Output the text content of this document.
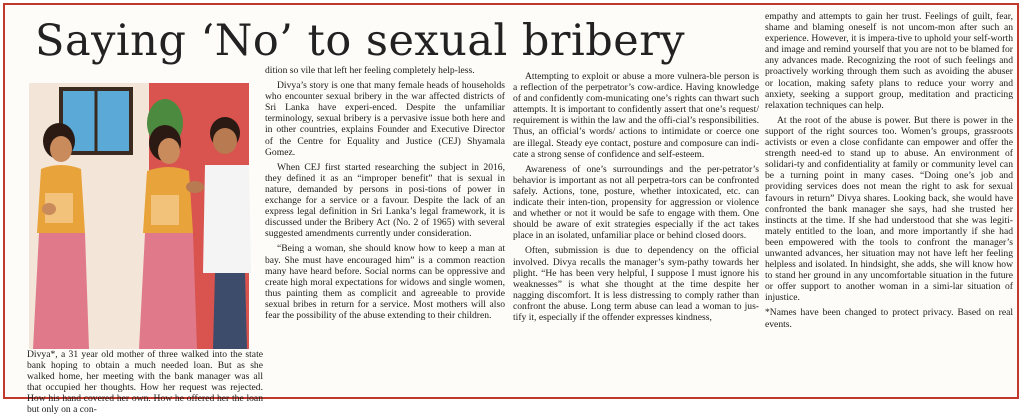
Saying ‘No’ to sexual bribery

Divya*, a 31 year old mother of three walked into the state bank hoping to obtain a much needed loan. But as she walked home, her meeting with the bank manager was all that occupied her thoughts. How her request was rejected. How his hand covered her own. How he offered her the loan but only on a con-

dition so vile that left her feeling completely help-less.

Divya’s story is one that many female heads of households who encounter sexual bribery in the war affected districts of Sri Lanka have experi-enced. Despite the unfamiliar terminology, sexual bribery is a pervasive issue both here and in other countries, explains Founder and Executive Director of the Centre for Equality and Justice (CEJ) Shyamala Gomez.

When CEJ first started researching the subject in 2016, they defined it as an “improper benefit” that is sexual in nature, demanded by persons in posi-tions of power in exchange for a service or a favour. Despite the lack of an express legal definition in Sri Lanka’s legal framework, it is discussed under the Bribery Act (No. 2 of 1965) with several suggested amendments currently under consideration.

“Being a woman, she should know how to keep a man at bay. She must have encouraged him” is a common reaction many have heard before. Social norms can be oppressive and create high moral expectations for widows and single women, thus painting them as complicit and agreeable to provide sexual bribes in return for a service. Most mothers will also fear the possibility of the abuse extending to their children.

Attempting to exploit or abuse a more vulnera-ble person is a reflection of the perpetrator’s cow-ardice. Having knowledge of and confidently com-municating one’s rights can thwart such attempts. It is important to confidently assert that one’s request/ requirement is within the law and the offi-cial’s responsibilities. Thus, an official’s words/ actions to intimidate or coerce one are illegal. Steady eye contact, posture and composure can indi-cate a strong sense of confidence and self-esteem.

Awareness of one’s surroundings and the per-petrator’s behavior is important as not all perpetra-tors can be confronted safely. Actions, tone, posture, whether intoxicated, etc. can indicate their inten-tion, propensity for aggression or violence and whether or not it would be safe to engage with them. One should be aware of exit strategies especially if the act takes place in an isolated, unfamiliar place or behind closed doors.

Often, submission is due to dependency on the official involved. Divya recalls the manager’s sym-pathy towards her plight. “He has been very helpful, I suppose I must ignore his weaknesses” is what she thought at the time despite her nagging discomfort. It is less distressing to comply rather than confront the abuse. Long term abuse can lead a woman to jus-tify it, especially if the offender expresses kindness,

empathy and attempts to gain her trust. Feelings of guilt, fear, shame and blaming oneself is not uncom-mon after such an experience. However, it is impera-tive to uphold your self-worth and image and remind yourself that you are not to be blamed for any advances made. Recognizing the root of such feelings and proactively working through them such as avoiding the abuser or location, making safety plans to reduce your worry and anxiety, seeking a support group, meditation and practicing relaxation techniques can help.

At the root of the abuse is power. But there is power in the support of the right sources too. Women’s groups, grassroots activists or even a close confidante can empower and offer the strength need-ed to stand up to abuse. An environment of solidari-ty and confidentiality at family or community level can be a turning point in many cases. “Doing one’s job and providing services does not mean the right to ask for sexual favours in return” Divya shares. Looking back, she would have confronted the bank manager she says, had she trusted her instincts at the time. If she had understood that she was legiti-mately entitled to the loan, and more importantly if she had been empowered with the tools to confront the manager’s unwanted advances, her situation may not have left her feeling helpless and isolated. In hindsight, she adds, she will know how to stand her ground in any uncomfortable situation in the future or offer support to another woman in a simi-lar situation of injustice.

*Names have been changed to protect privacy. Based on real events.
